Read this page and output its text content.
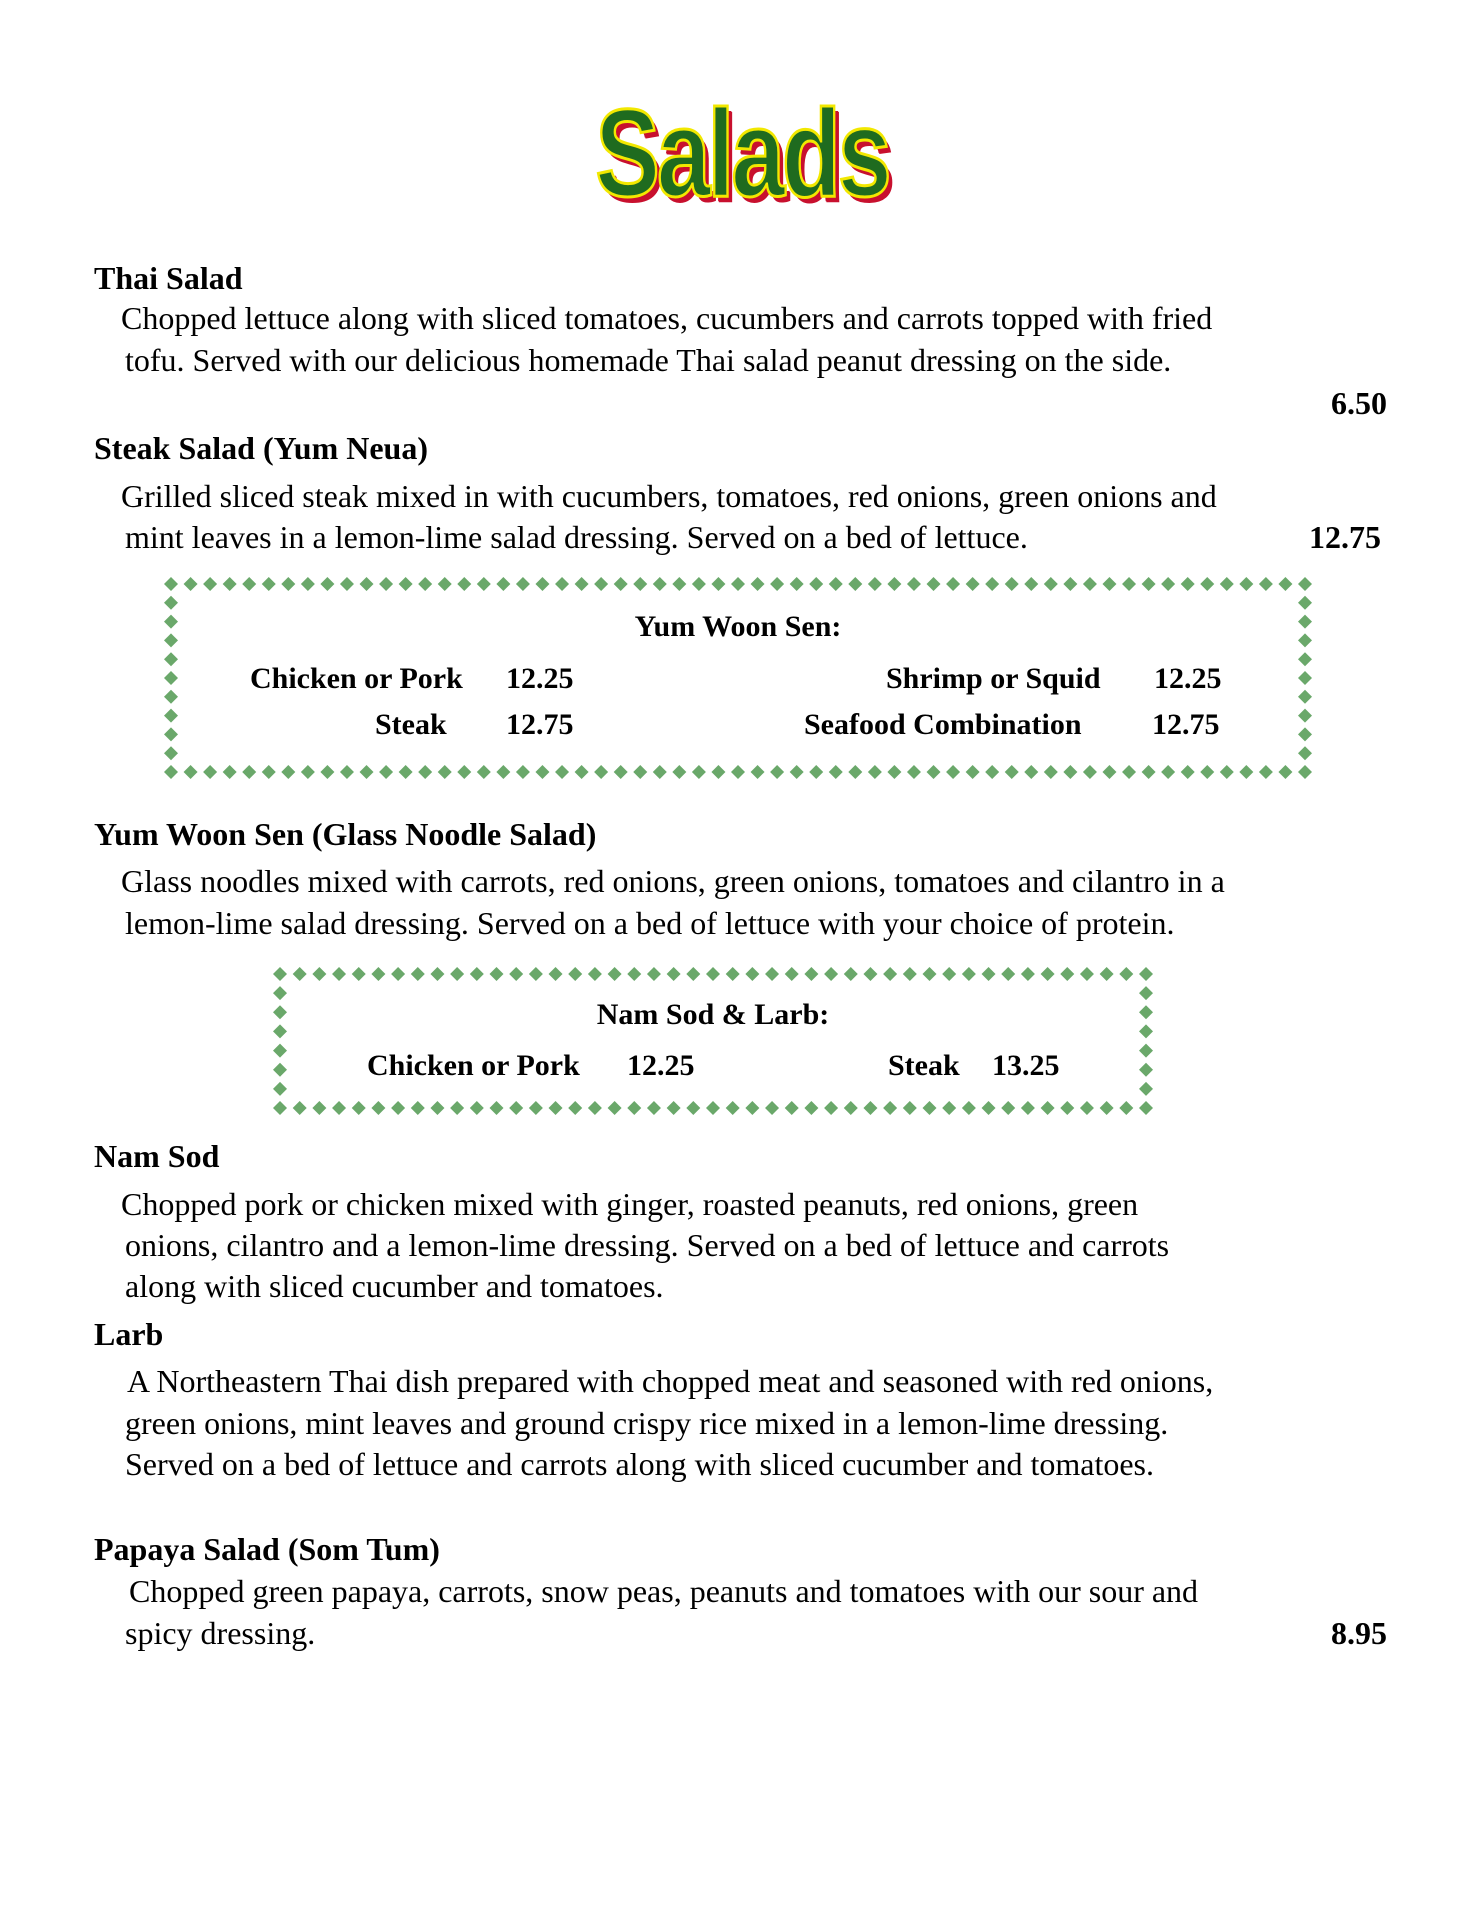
Salads
Thai Salad
Chopped lettuce along with sliced tomatoes, cucumbers and carrots topped with fried
tofu. Served with our delicious homemade Thai salad peanut dressing on the side.
6.50
Steak Salad (Yum Neua)
Grilled sliced steak mixed in with cucumbers, tomatoes, red onions, green onions and
mint leaves in a lemon-lime salad dressing. Served on a bed of lettuce.	12.75
Yum Woon Sen:
Chicken or Pork 12.25	Shrimp or Squid 12.25
Steak 12.75	Seafood Combination 12.75
Yum Woon Sen (Glass Noodle Salad)
Glass noodles mixed with carrots, red onions, green onions, tomatoes and cilantro in a
lemon-lime salad dressing. Served on a bed of lettuce with your choice of protein.
Nam Sod & Larb:
Chicken or Pork 12.25	Steak 13.25
Nam Sod
Chopped pork or chicken mixed with ginger, roasted peanuts, red onions, green
onions, cilantro and a lemon-lime dressing. Served on a bed of lettuce and carrots
along with sliced cucumber and tomatoes.
Larb
A Northeastern Thai dish prepared with chopped meat and seasoned with red onions,
green onions, mint leaves and ground crispy rice mixed in a lemon-lime dressing.
Served on a bed of lettuce and carrots along with sliced cucumber and tomatoes.
Papaya Salad (Som Tum)
Chopped green papaya, carrots, snow peas, peanuts and tomatoes with our sour and
spicy dressing.	8.95
